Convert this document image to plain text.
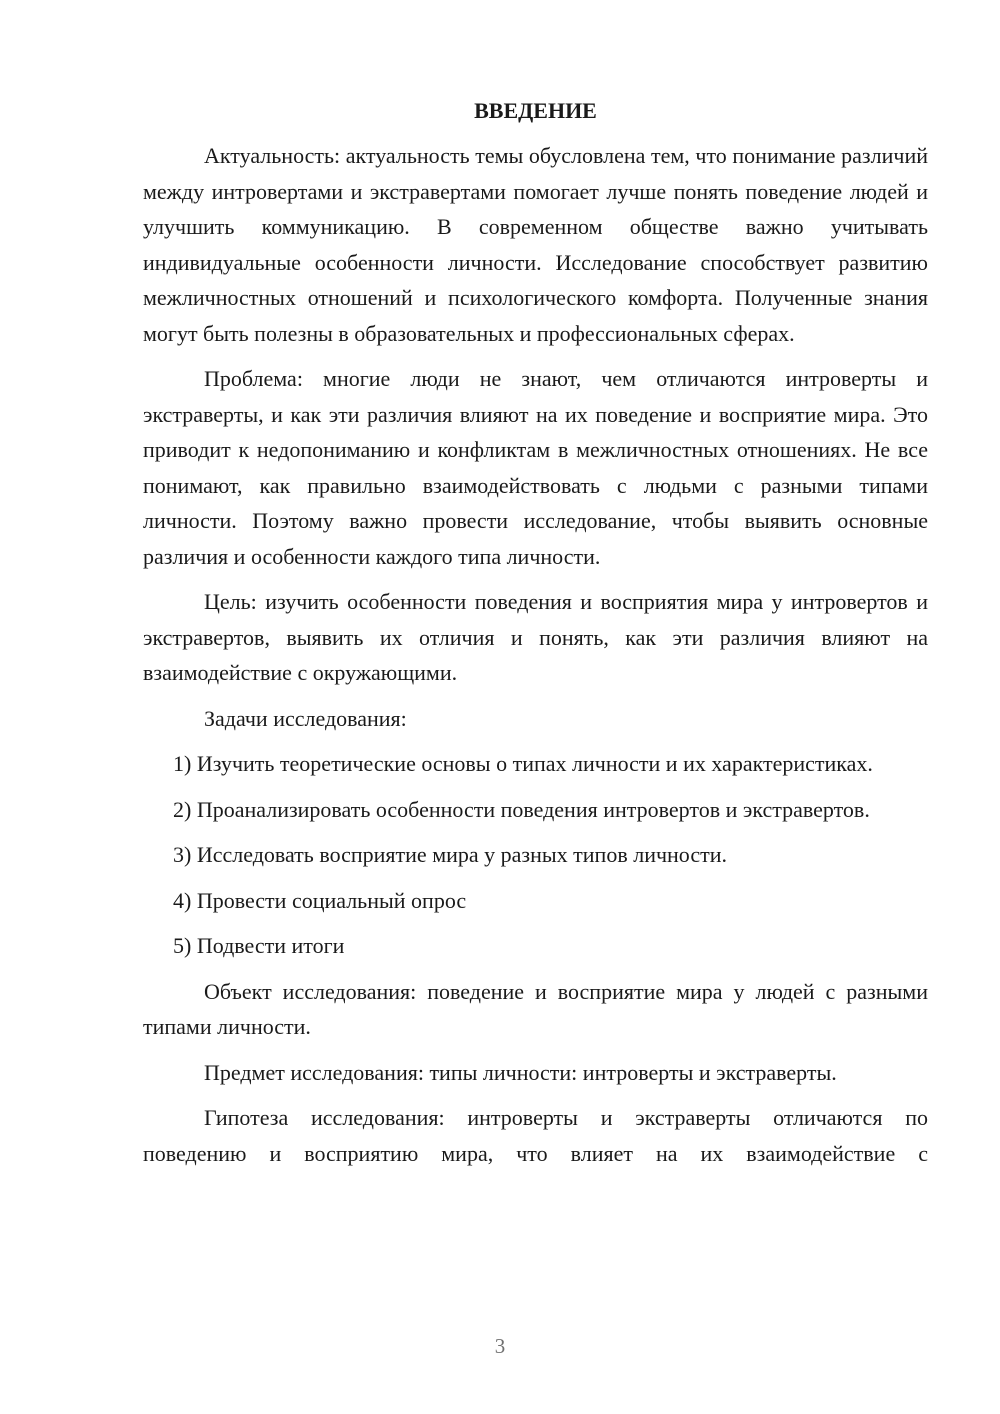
ВВЕДЕНИЕ

Актуальность: актуальность темы обусловлена тем, что понимание различий между интровертами и экстравертами помогает лучше понять поведение людей и улучшить коммуникацию. В современном обществе важно учитывать индивидуальные особенности личности. Исследование способствует развитию межличностных отношений и психологического комфорта. Полученные знания могут быть полезны в образовательных и профессиональных сферах.

Проблема: многие люди не знают, чем отличаются интроверты и экстраверты, и как эти различия влияют на их поведение и восприятие мира. Это приводит к недопониманию и конфликтам в межличностных отношениях. Не все понимают, как правильно взаимодействовать с людьми с разными типами личности. Поэтому важно провести исследование, чтобы выявить основные различия и особенности каждого типа личности.

Цель: изучить особенности поведения и восприятия мира у интровертов и экстравертов, выявить их отличия и понять, как эти различия влияют на взаимодействие с окружающими.

Задачи исследования:

1) Изучить теоретические основы о типах личности и их характеристиках.

2) Проанализировать особенности поведения интровертов и экстравертов.

3) Исследовать восприятие мира у разных типов личности.

4) Провести социальный опрос

5) Подвести итоги

Объект исследования: поведение и восприятие мира у людей с разными типами личности.

Предмет исследования: типы личности: интроверты и экстраверты.

Гипотеза исследования: интроверты и экстраверты отличаются по поведению и восприятию мира, что влияет на их взаимодействие с

3
